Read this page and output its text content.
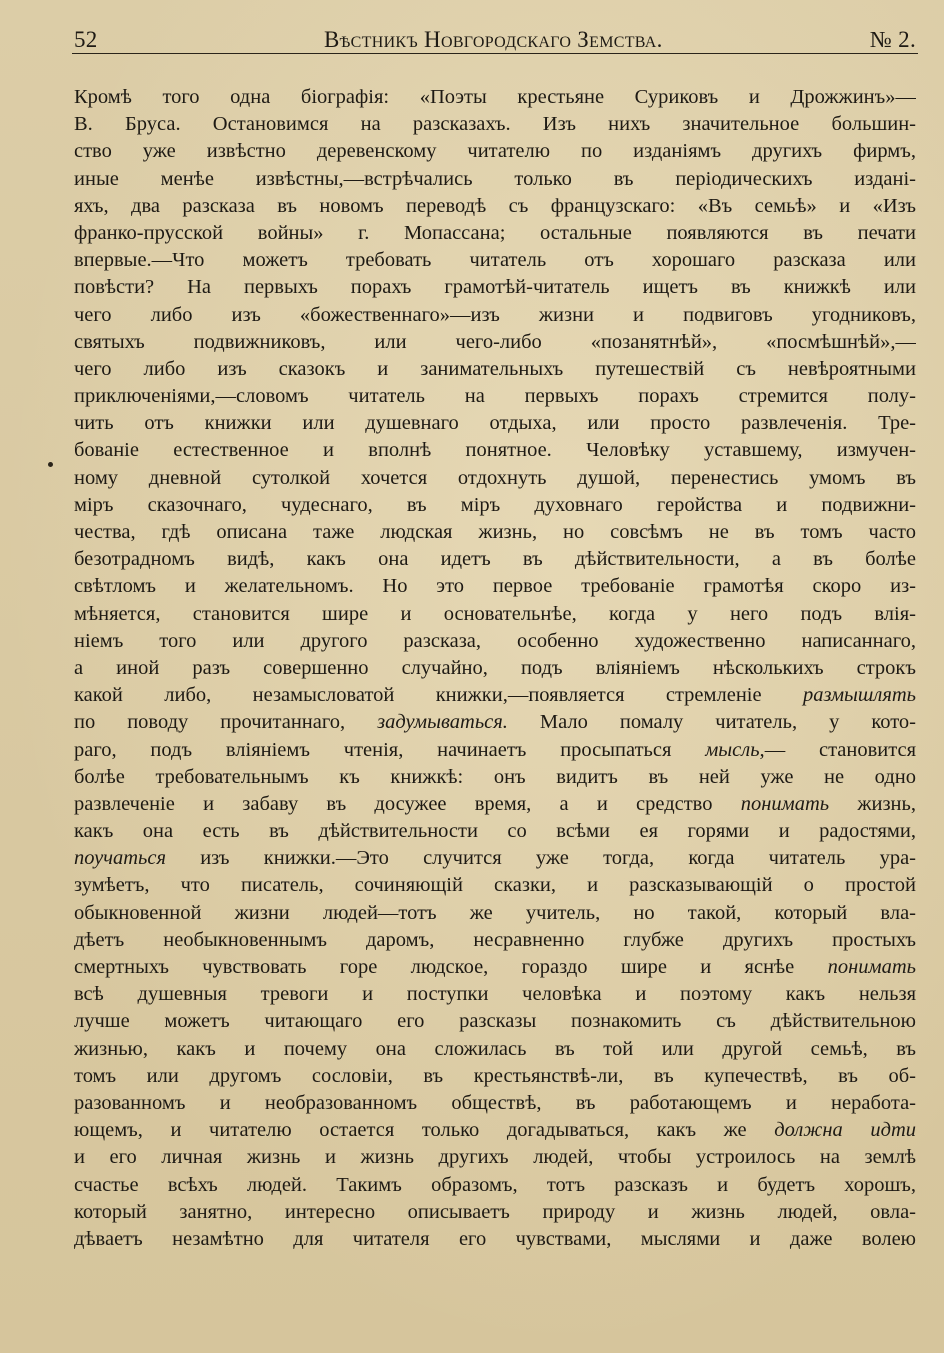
52	Вѣстникъ Новгородскаго Земства.	№ 2.
Кромѣ того одна біографія: «Поэты крестьяне Суриковъ и Дрожжинъ»—
В. Бруса. Остановимся на разсказахъ. Изъ нихъ значительное большин-
ство уже извѣстно деревенскому читателю по изданіямъ другихъ фирмъ,
иные менѣе извѣстны,—встрѣчались только въ періодическихъ издані-
яхъ, два разсказа въ новомъ переводѣ съ французскаго: «Въ семьѣ» и «Изъ
франко-прусской войны» г. Мопассана; остальные появляются въ печати
впервые.—Что можетъ требовать читатель отъ хорошаго разсказа или
повѣсти? На первыхъ порахъ грамотѣй-читатель ищетъ въ книжкѣ или
чего либо изъ «божественнаго»—изъ жизни и подвиговъ угодниковъ,
святыхъ подвижниковъ, или чего-либо «позанятнѣй», «посмѣшнѣй»,—
чего либо изъ сказокъ и занимательныхъ путешествій съ невѣроятными
приключеніями,—словомъ читатель на первыхъ порахъ стремится полу-
чить отъ книжки или душевнаго отдыха, или просто развлеченія. Тре-
бованіе естественное и вполнѣ понятное. Человѣку уставшему, измучен-
ному дневной сутолкой хочется отдохнуть душой, перенестись умомъ въ
міръ сказочнаго, чудеснаго, въ міръ духовнаго геройства и подвижни-
чества, гдѣ описана таже людская жизнь, но совсѣмъ не въ томъ часто
безотрадномъ видѣ, какъ она идетъ въ дѣйствительности, а въ болѣе
свѣтломъ и желательномъ. Но это первое требованіе грамотѣя скоро из-
мѣняется, становится шире и основательнѣе, когда у него подъ влія-
ніемъ того или другого разсказа, особенно художественно написаннаго,
а иной разъ совершенно случайно, подъ вліяніемъ нѣсколькихъ строкъ
какой либо, незамысловатой книжки,—появляется стремленіе размышлять
по поводу прочитаннаго, задумываться. Мало помалу читатель, у кото-
раго, подъ вліяніемъ чтенія, начинаетъ просыпаться мысль,— становится
болѣе требовательнымъ къ книжкѣ: онъ видитъ въ ней уже не одно
развлеченіе и забаву въ досужее время, а и средство понимать жизнь,
какъ она есть въ дѣйствительности со всѣми ея горями и радостями,
поучаться изъ книжки.—Это случится уже тогда, когда читатель ура-
зумѣетъ, что писатель, сочиняющій сказки, и разсказывающій о простой
обыкновенной жизни людей—тотъ же учитель, но такой, который вла-
дѣетъ необыкновеннымъ даромъ, несравненно глубже другихъ простыхъ
смертныхъ чувствовать горе людское, гораздо шире и яснѣе понимать
всѣ душевныя тревоги и поступки человѣка и поэтому какъ нельзя
лучше можетъ читающаго его разсказы познакомить съ дѣйствительною
жизнью, какъ и почему она сложилась въ той или другой семьѣ, въ
томъ или другомъ сословіи, въ крестьянствѣ-ли, въ купечествѣ, въ об-
разованномъ и необразованномъ обществѣ, въ работающемъ и неработа-
ющемъ, и читателю остается только догадываться, какъ же должна идти
и его личная жизнь и жизнь другихъ людей, чтобы устроилось на землѣ
счастье всѣхъ людей. Такимъ образомъ, тотъ разсказъ и будетъ хорошъ,
который занятно, интересно описываетъ природу и жизнь людей, овла-
дѣваетъ незамѣтно для читателя его чувствами, мыслями и даже волею
